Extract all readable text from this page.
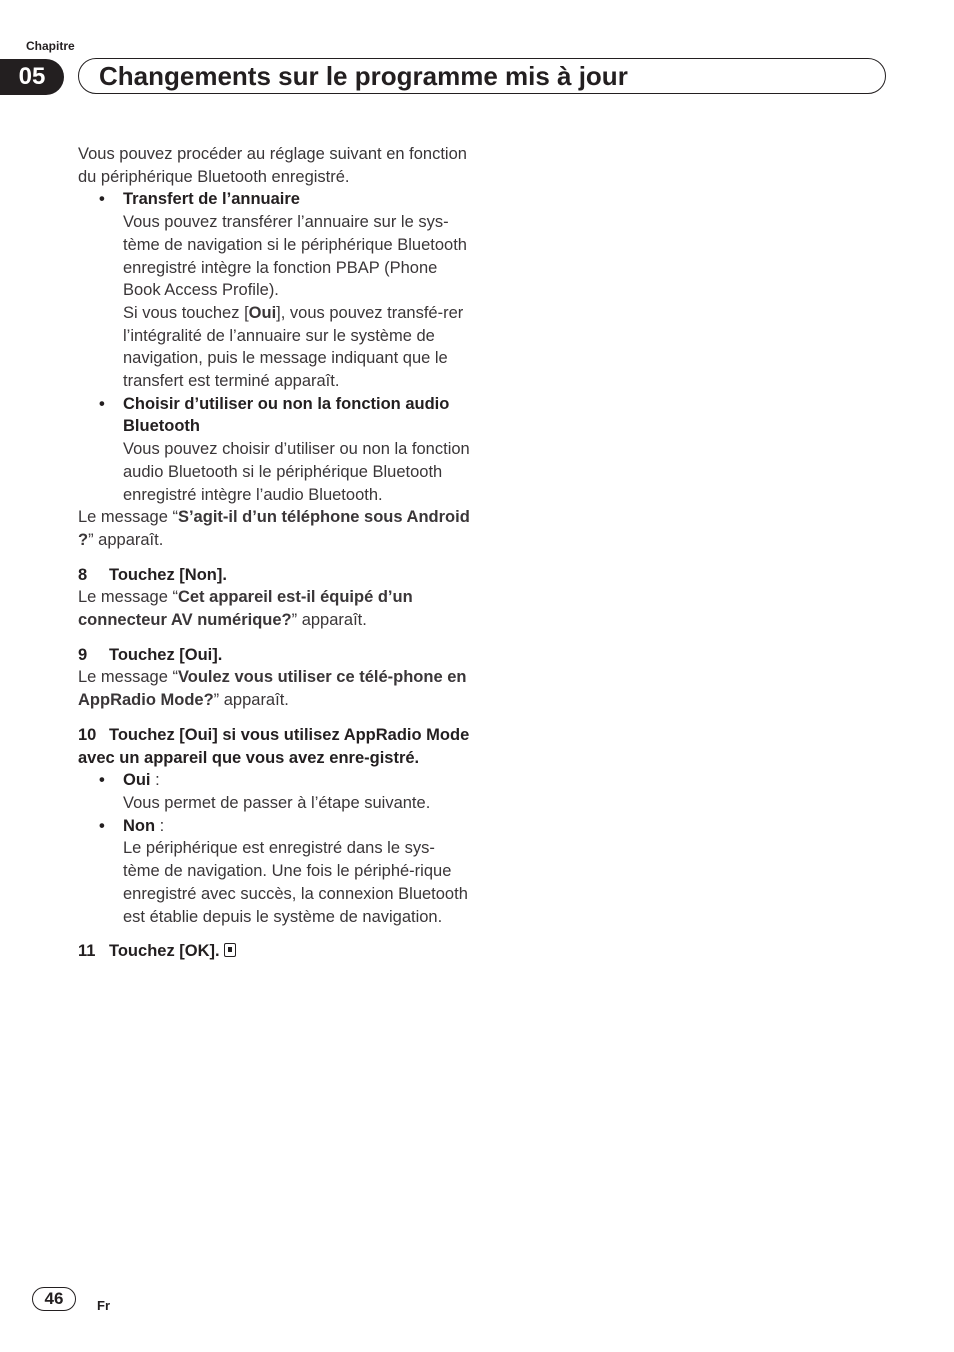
Chapitre
05	Changements sur le programme mis à jour

Vous pouvez procéder au réglage suivant en fonction du périphérique Bluetooth enregistré.

• Transfert de l’annuaire
Vous pouvez transférer l’annuaire sur le sys-tème de navigation si le périphérique Bluetooth enregistré intègre la fonction PBAP (Phone Book Access Profile).
Si vous touchez [Oui], vous pouvez transfé-rer l’intégralité de l’annuaire sur le système de navigation, puis le message indiquant que le transfert est terminé apparaît.
• Choisir d’utiliser ou non la fonction audio Bluetooth
Vous pouvez choisir d’utiliser ou non la fonction audio Bluetooth si le périphérique Bluetooth enregistré intègre l’audio Bluetooth.

Le message “S’agit-il d’un téléphone sous Android ?” apparaît.

8 Touchez [Non].

Le message “Cet appareil est-il équipé d’un connecteur AV numérique?” apparaît.

9 Touchez [Oui].

Le message “Voulez vous utiliser ce télé-phone en AppRadio Mode?” apparaît.

10 Touchez [Oui] si vous utilisez AppRadio Mode avec un appareil que vous avez enre-gistré.

• Oui :
Vous permet de passer à l’étape suivante.
• Non :
Le périphérique est enregistré dans le sys-tème de navigation. Une fois le périphé-rique enregistré avec succès, la connexion Bluetooth est établie depuis le système de navigation.

11 Touchez [OK].

46	Fr
